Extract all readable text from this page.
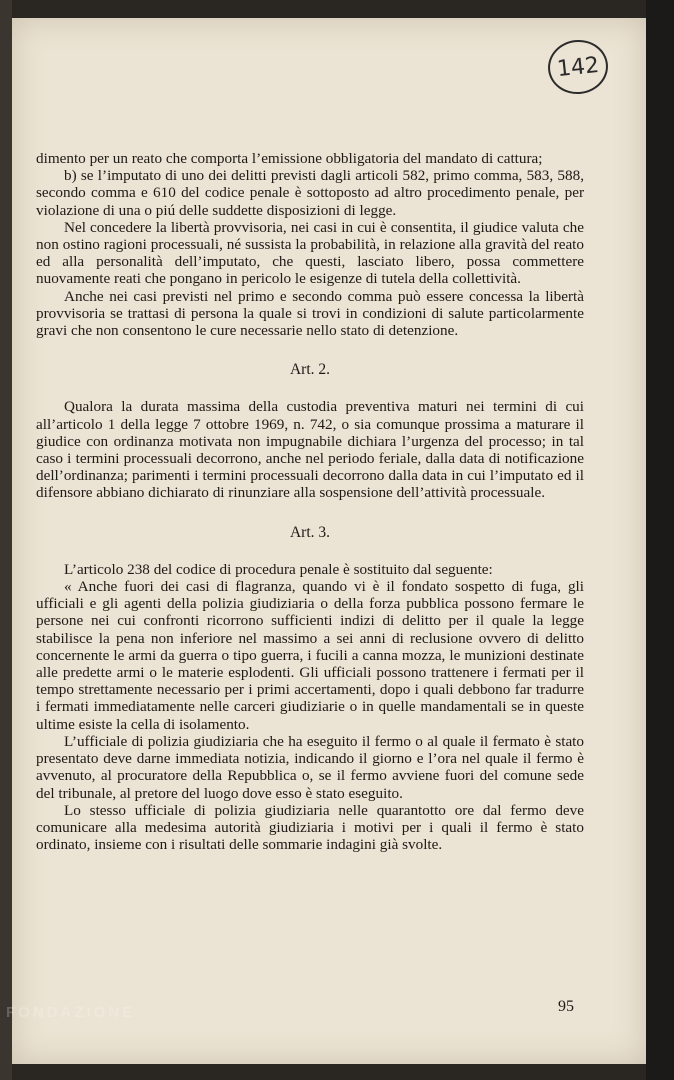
142

dimento per un reato che comporta l’emissione obbligatoria del mandato di cattura;

b) se l’imputato di uno dei delitti previsti dagli articoli 582, primo comma, 583, 588, secondo comma e 610 del codice penale è sottoposto ad altro procedimento penale, per violazione di una o piú delle suddette disposizioni di legge.

Nel concedere la libertà provvisoria, nei casi in cui è consentita, il giudice valuta che non ostino ragioni processuali, né sussista la probabilità, in relazione alla gravità del reato ed alla personalità dell’imputato, che questi, lasciato libero, possa commettere nuovamente reati che pongano in pericolo le esigenze di tutela della collettività.

Anche nei casi previsti nel primo e secondo comma può essere concessa la libertà provvisoria se trattasi di persona la quale si trovi in condizioni di salute particolarmente gravi che non consentono le cure necessarie nello stato di detenzione.

Art. 2.

Qualora la durata massima della custodia preventiva maturi nei termini di cui all’articolo 1 della legge 7 ottobre 1969, n. 742, o sia comunque prossima a maturare il giudice con ordinanza motivata non impugnabile dichiara l’urgenza del processo; in tal caso i termini processuali decorrono, anche nel periodo feriale, dalla data di notificazione dell’ordinanza; parimenti i termini processuali decorrono dalla data in cui l’imputato ed il difensore abbiano dichiarato di rinunziare alla sospensione dell’attività processuale.

Art. 3.

L’articolo 238 del codice di procedura penale è sostituito dal seguente:

« Anche fuori dei casi di flagranza, quando vi è il fondato sospetto di fuga, gli ufficiali e gli agenti della polizia giudiziaria o della forza pubblica possono fermare le persone nei cui confronti ricorrono sufficienti indizi di delitto per il quale la legge stabilisce la pena non inferiore nel massimo a sei anni di reclusione ovvero di delitto concernente le armi da guerra o tipo guerra, i fucili a canna mozza, le munizioni destinate alle predette armi o le materie esplodenti. Gli ufficiali possono trattenere i fermati per il tempo strettamente necessario per i primi accertamenti, dopo i quali debbono far tradurre i fermati immediatamente nelle carceri giudiziarie o in quelle mandamentali se in queste ultime esiste la cella di isolamento.

L’ufficiale di polizia giudiziaria che ha eseguito il fermo o al quale il fermato è stato presentato deve darne immediata notizia, indicando il giorno e l’ora nel quale il fermo è avvenuto, al procuratore della Repubblica o, se il fermo avviene fuori del comune sede del tribunale, al pretore del luogo dove esso è stato eseguito.

Lo stesso ufficiale di polizia giudiziaria nelle quarantotto ore dal fermo deve comunicare alla medesima autorità giudiziaria i motivi per i quali il fermo è stato ordinato, insieme con i risultati delle sommarie indagini già svolte.

95
FONDAZIONE
